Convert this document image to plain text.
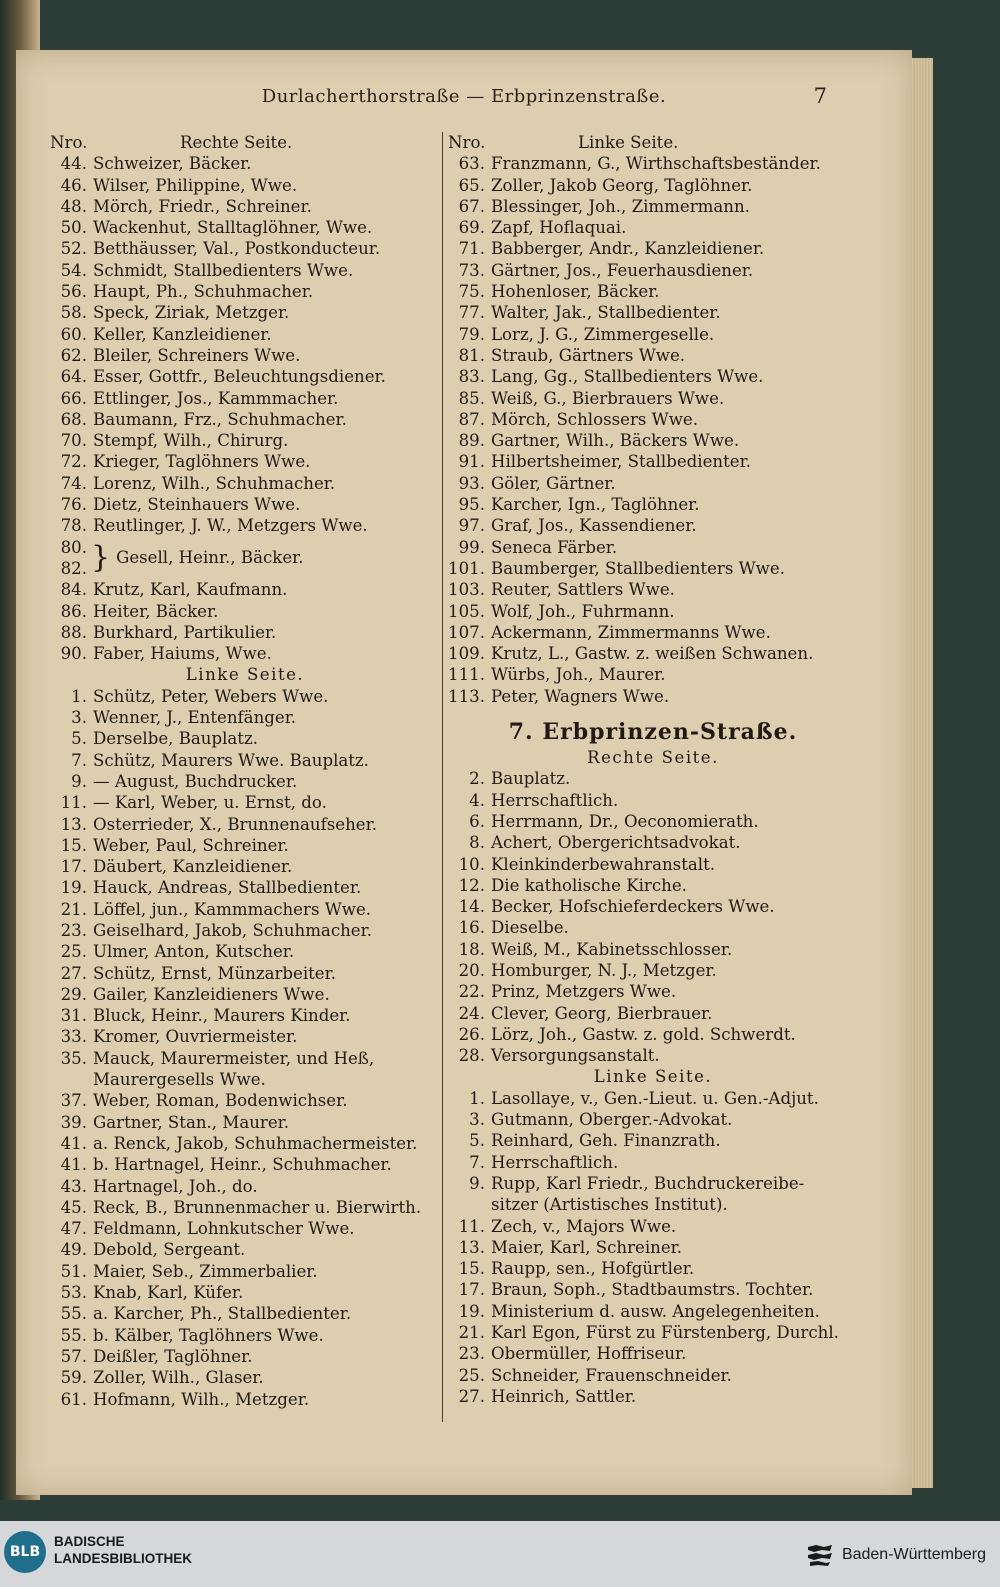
Durlacherthorstraße — Erbprinzenstraße.	7
Nro.	Rechte Seite.
44. Schweizer, Bäcker.
46. Wilser, Philippine, Wwe.
48. Mörch, Friedr., Schreiner.
50. Wackenhut, Stalltaglöhner, Wwe.
52. Betthäusser, Val., Postkonducteur.
54. Schmidt, Stallbedienters Wwe.
56. Haupt, Ph., Schuhmacher.
58. Speck, Ziriak, Metzger.
60. Keller, Kanzleidiener.
62. Bleiler, Schreiners Wwe.
64. Esser, Gottfr., Beleuchtungsdiener.
66. Ettlinger, Jos., Kammmacher.
68. Baumann, Frz., Schuhmacher.
70. Stempf, Wilh., Chirurg.
72. Krieger, Taglöhners Wwe.
74. Lorenz, Wilh., Schuhmacher.
76. Dietz, Steinhauers Wwe.
78. Reutlinger, J. W., Metzgers Wwe.
80.
82. } Gesell, Heinr., Bäcker.
84. Krutz, Karl, Kaufmann.
86. Heiter, Bäcker.
88. Burkhard, Partikulier.
90. Faber, Haiums, Wwe.
Linke Seite.
1. Schütz, Peter, Webers Wwe.
3. Wenner, J., Entenfänger.
5. Derselbe, Bauplatz.
7. Schütz, Maurers Wwe. Bauplatz.
9. — August, Buchdrucker.
11. — Karl, Weber, u. Ernst, do.
13. Osterrieder, X., Brunnenaufseher.
15. Weber, Paul, Schreiner.
17. Däubert, Kanzleidiener.
19. Hauck, Andreas, Stallbedienter.
21. Löffel, jun., Kammmachers Wwe.
23. Geiselhard, Jakob, Schuhmacher.
25. Ulmer, Anton, Kutscher.
27. Schütz, Ernst, Münzarbeiter.
29. Gailer, Kanzleidieners Wwe.
31. Bluck, Heinr., Maurers Kinder.
33. Kromer, Ouvriermeister.
35. Mauck, Maurermeister, und Heß,
Maurergesells Wwe.
37. Weber, Roman, Bodenwichser.
39. Gartner, Stan., Maurer.
41. a. Renck, Jakob, Schuhmachermeister.
41. b. Hartnagel, Heinr., Schuhmacher.
43. Hartnagel, Joh., do.
45. Reck, B., Brunnenmacher u. Bierwirth.
47. Feldmann, Lohnkutscher Wwe.
49. Debold, Sergeant.
51. Maier, Seb., Zimmerbalier.
53. Knab, Karl, Küfer.
55. a. Karcher, Ph., Stallbedienter.
55. b. Kälber, Taglöhners Wwe.
57. Deißler, Taglöhner.
59. Zoller, Wilh., Glaser.
61. Hofmann, Wilh., Metzger.
Nro.	Linke Seite.
63. Franzmann, G., Wirthschaftsbeständer.
65. Zoller, Jakob Georg, Taglöhner.
67. Blessinger, Joh., Zimmermann.
69. Zapf, Hoflaquai.
71. Babberger, Andr., Kanzleidiener.
73. Gärtner, Jos., Feuerhausdiener.
75. Hohenloser, Bäcker.
77. Walter, Jak., Stallbedienter.
79. Lorz, J. G., Zimmergeselle.
81. Straub, Gärtners Wwe.
83. Lang, Gg., Stallbedienters Wwe.
85. Weiß, G., Bierbrauers Wwe.
87. Mörch, Schlossers Wwe.
89. Gartner, Wilh., Bäckers Wwe.
91. Hilbertsheimer, Stallbedienter.
93. Göler, Gärtner.
95. Karcher, Ign., Taglöhner.
97. Graf, Jos., Kassendiener.
99. Seneca Färber.
101. Baumberger, Stallbedienters Wwe.
103. Reuter, Sattlers Wwe.
105. Wolf, Joh., Fuhrmann.
107. Ackermann, Zimmermanns Wwe.
109. Krutz, L., Gastw. z. weißen Schwanen.
111. Würbs, Joh., Maurer.
113. Peter, Wagners Wwe.
7. Erbprinzen-Straße.
Rechte Seite.
2. Bauplatz.
4. Herrschaftlich.
6. Herrmann, Dr., Oeconomierath.
8. Achert, Obergerichtsadvokat.
10. Kleinkinderbewahranstalt.
12. Die katholische Kirche.
14. Becker, Hofschieferdeckers Wwe.
16. Dieselbe.
18. Weiß, M., Kabinetsschlosser.
20. Homburger, N. J., Metzger.
22. Prinz, Metzgers Wwe.
24. Clever, Georg, Bierbrauer.
26. Lörz, Joh., Gastw. z. gold. Schwerdt.
28. Versorgungsanstalt.
Linke Seite.
1. Lasollaye, v., Gen.-Lieut. u. Gen.-Adjut.
3. Gutmann, Oberger.-Advokat.
5. Reinhard, Geh. Finanzrath.
7. Herrschaftlich.
9. Rupp, Karl Friedr., Buchdruckereibe-
sitzer (Artistisches Institut).
11. Zech, v., Majors Wwe.
13. Maier, Karl, Schreiner.
15. Raupp, sen., Hofgürtler.
17. Braun, Soph., Stadtbaumstrs. Tochter.
19. Ministerium d. ausw. Angelegenheiten.
21. Karl Egon, Fürst zu Fürstenberg, Durchl.
23. Obermüller, Hoffriseur.
25. Schneider, Frauenschneider.
27. Heinrich, Sattler.
BLB
BADISCHE
LANDESBIBLIOTHEK	Baden-Württemberg
